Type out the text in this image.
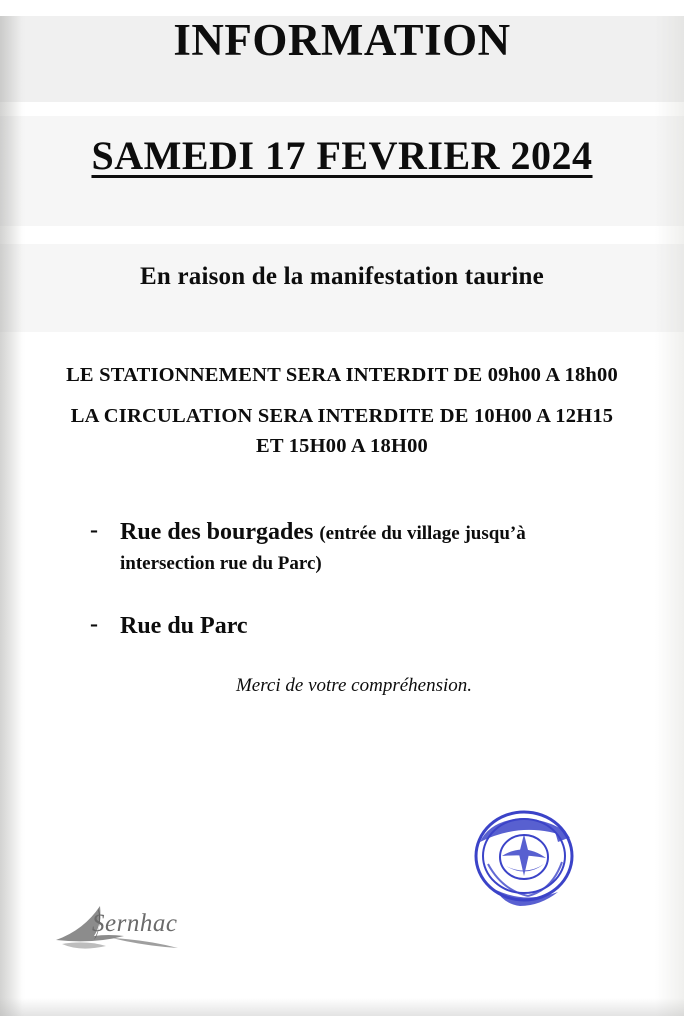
INFORMATION
SAMEDI 17 FEVRIER 2024
En raison de la manifestation taurine
LE STATIONNEMENT SERA INTERDIT DE 09h00 A 18h00
LA CIRCULATION SERA INTERDITE DE 10H00 A 12H15
ET 15H00 A 18H00
- Rue des bourgades (entrée du village jusqu’à intersection rue du Parc)
- Rue du Parc
Merci de votre compréhension.
Sernhac
